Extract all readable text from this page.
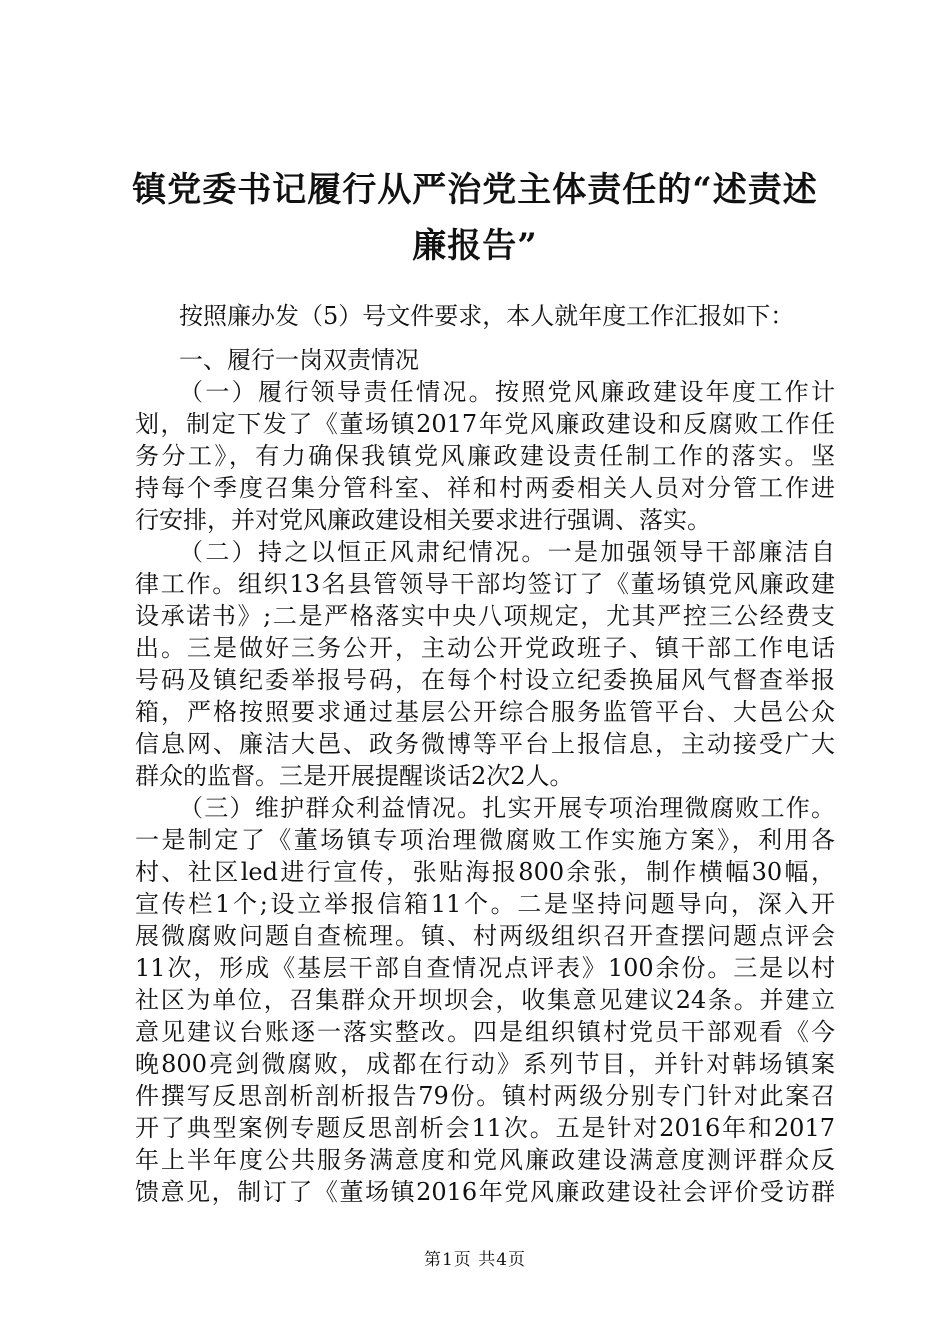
镇党委书记履行从严治党主体责任的“述责述
廉报告”
按照廉办发（5）号文件要求，本人就年度工作汇报如下：
一、履行一岗双责情况
（一）履行领导责任情况。按照党风廉政建设年度工作计
划，制定下发了《董场镇2017年党风廉政建设和反腐败工作任
务分工》，有力确保我镇党风廉政建设责任制工作的落实。坚
持每个季度召集分管科室、祥和村两委相关人员对分管工作进
行安排，并对党风廉政建设相关要求进行强调、落实。
（二）持之以恒正风肃纪情况。一是加强领导干部廉洁自
律工作。组织13名县管领导干部均签订了《董场镇党风廉政建
设承诺书》;二是严格落实中央八项规定，尤其严控三公经费支
出。三是做好三务公开，主动公开党政班子、镇干部工作电话
号码及镇纪委举报号码，在每个村设立纪委换届风气督查举报
箱，严格按照要求通过基层公开综合服务监管平台、大邑公众
信息网、廉洁大邑、政务微博等平台上报信息，主动接受广大
群众的监督。三是开展提醒谈话2次2人。
（三）维护群众利益情况。扎实开展专项治理微腐败工作。
一是制定了《董场镇专项治理微腐败工作实施方案》，利用各
村、社区led进行宣传，张贴海报800余张，制作横幅30幅，
宣传栏1个;设立举报信箱11个。二是坚持问题导向，深入开
展微腐败问题自查梳理。镇、村两级组织召开查摆问题点评会
11次，形成《基层干部自查情况点评表》100余份。三是以村
社区为单位，召集群众开坝坝会，收集意见建议24条。并建立
意见建议台账逐一落实整改。四是组织镇村党员干部观看《今
晚800亮剑微腐败，成都在行动》系列节目，并针对韩场镇案
件撰写反思剖析剖析报告79份。镇村两级分别专门针对此案召
开了典型案例专题反思剖析会11次。五是针对2016年和2017
年上半年度公共服务满意度和党风廉政建设满意度测评群众反
馈意见，制订了《董场镇2016年党风廉政建设社会评价受访群
第1页 共4页
